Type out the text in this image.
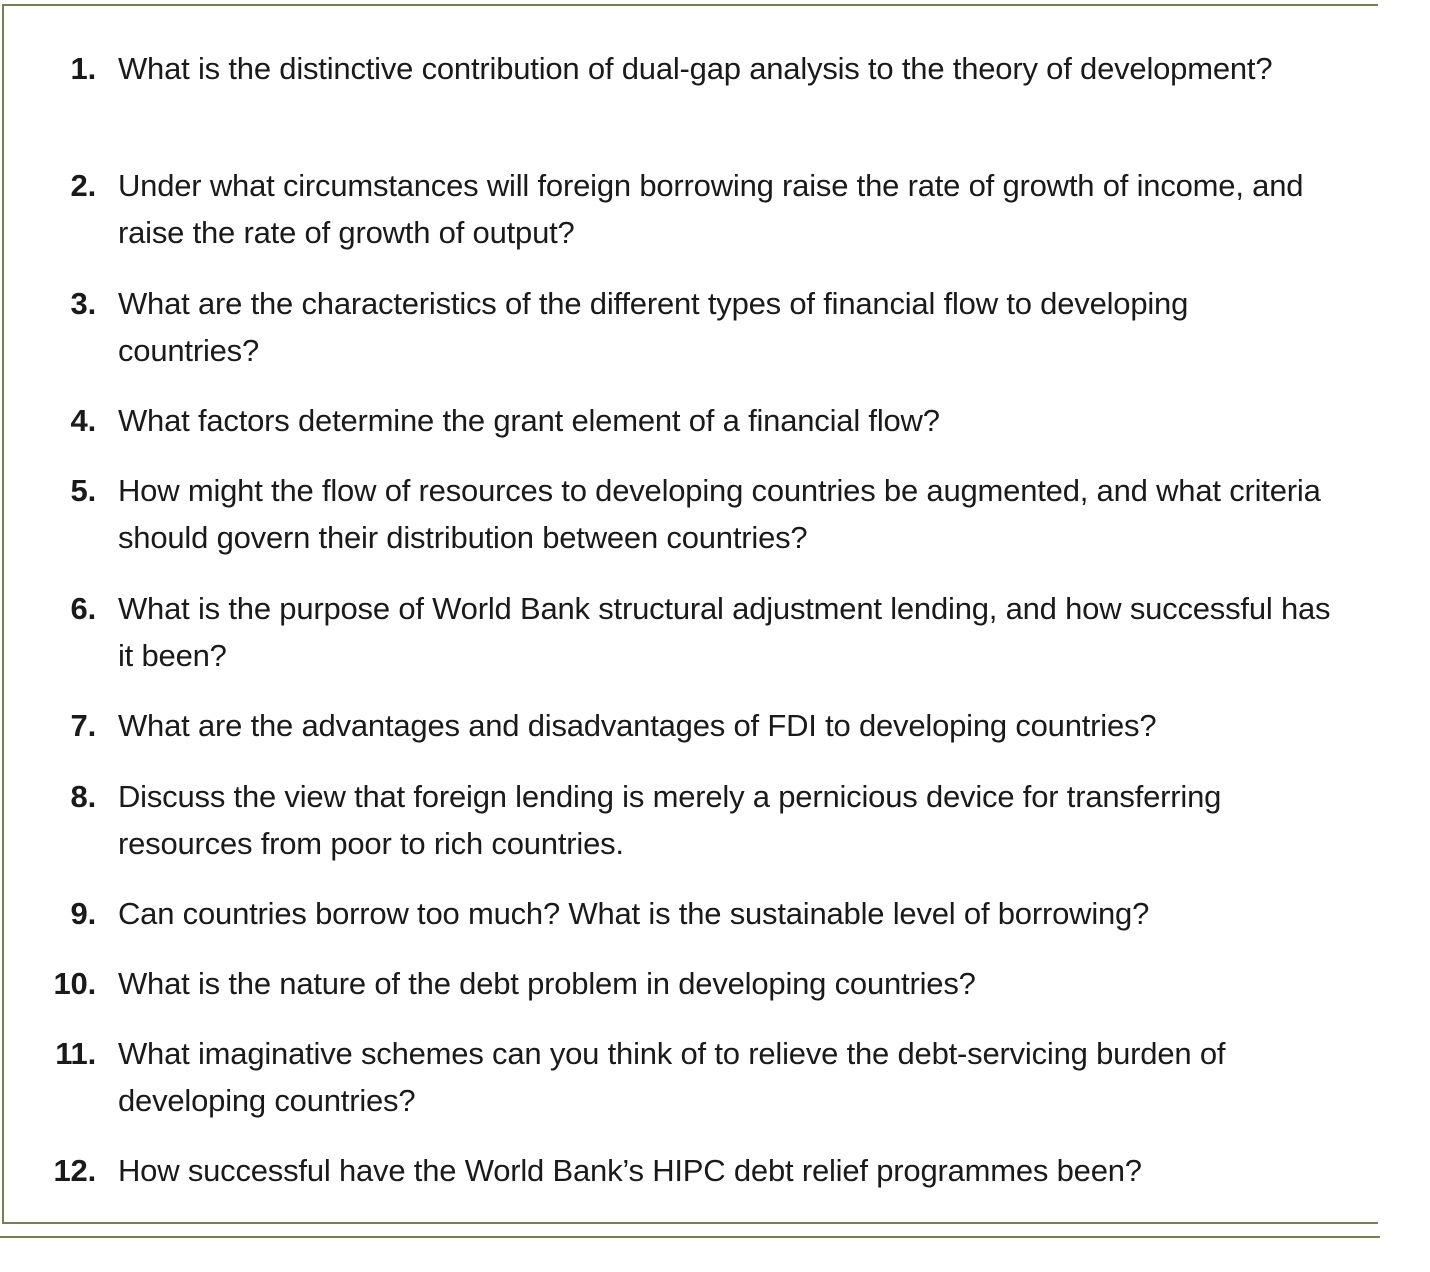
1. What is the distinctive contribution of dual-gap analysis to the theory of development?
2. Under what circumstances will foreign borrowing raise the rate of growth of income, and raise the rate of growth of output?
3. What are the characteristics of the different types of financial flow to developing countries?
4. What factors determine the grant element of a financial flow?
5. How might the flow of resources to developing countries be augmented, and what criteria should govern their distribution between countries?
6. What is the purpose of World Bank structural adjustment lending, and how successful has it been?
7. What are the advantages and disadvantages of FDI to developing countries?
8. Discuss the view that foreign lending is merely a pernicious device for transferring resources from poor to rich countries.
9. Can countries borrow too much? What is the sustainable level of borrowing?
10. What is the nature of the debt problem in developing countries?
11. What imaginative schemes can you think of to relieve the debt-servicing burden of developing countries?
12. How successful have the World Bank’s HIPC debt relief programmes been?
